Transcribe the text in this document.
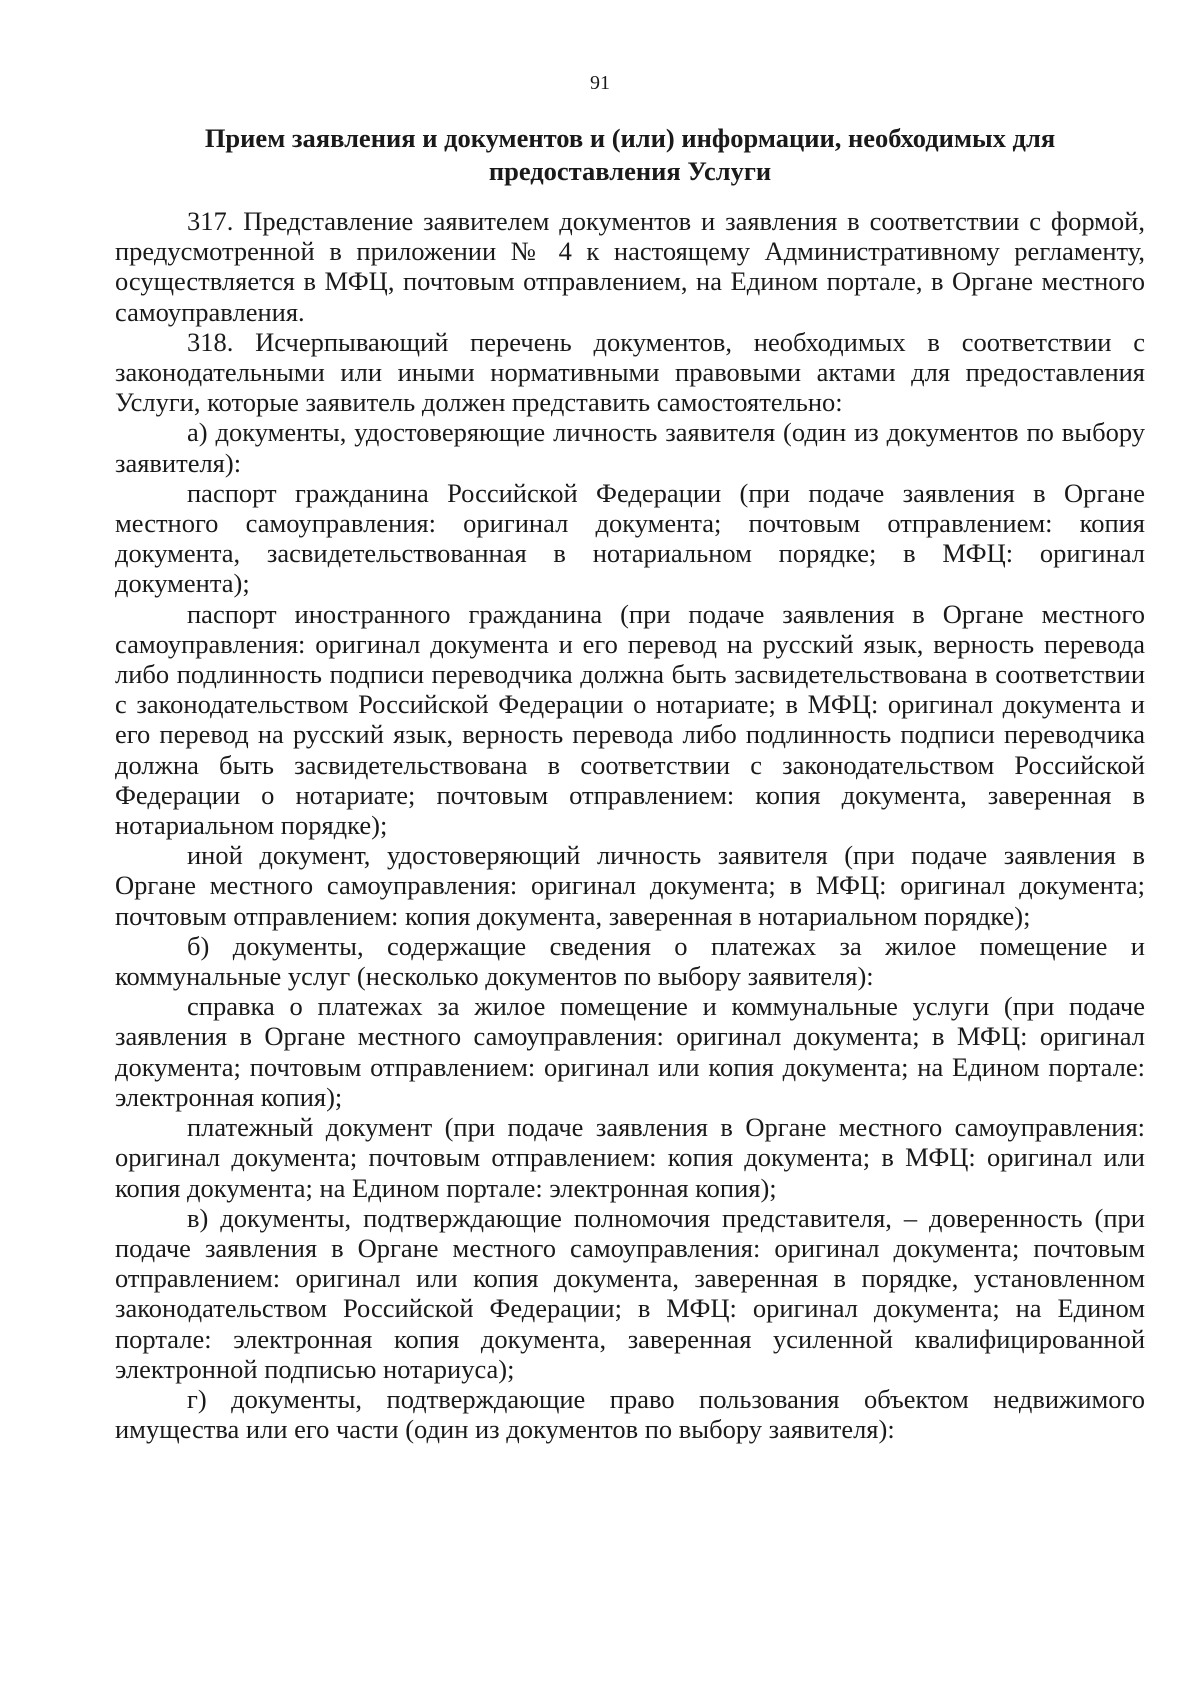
91
Прием заявления и документов и (или) информации, необходимых для
предоставления Услуги

317. Представление заявителем документов и заявления в соответствии с формой, предусмотренной в приложении № 4 к настоящему Административному регламенту, осуществляется в МФЦ, почтовым отправлением, на Едином портале, в Органе местного самоуправления.

318. Исчерпывающий перечень документов, необходимых в соответствии с законодательными или иными нормативными правовыми актами для предоставления Услуги, которые заявитель должен представить самостоятельно:

а) документы, удостоверяющие личность заявителя (один из документов по выбору заявителя):

паспорт гражданина Российской Федерации (при подаче заявления в Органе местного самоуправления: оригинал документа; почтовым отправлением: копия документа, засвидетельствованная в нотариальном порядке; в МФЦ: оригинал документа);

паспорт иностранного гражданина (при подаче заявления в Органе местного самоуправления: оригинал документа и его перевод на русский язык, верность перевода либо подлинность подписи переводчика должна быть засвидетельствована в соответствии с законодательством Российской Федерации о нотариате; в МФЦ: оригинал документа и его перевод на русский язык, верность перевода либо подлинность подписи переводчика должна быть засвидетельствована в соответствии с законодательством Российской Федерации о нотариате; почтовым отправлением: копия документа, заверенная в нотариальном порядке);

иной документ, удостоверяющий личность заявителя (при подаче заявления в Органе местного самоуправления: оригинал документа; в МФЦ: оригинал документа; почтовым отправлением: копия документа, заверенная в нотариальном порядке);

б) документы, содержащие сведения о платежах за жилое помещение и коммунальные услуг (несколько документов по выбору заявителя):

справка о платежах за жилое помещение и коммунальные услуги (при подаче заявления в Органе местного самоуправления: оригинал документа; в МФЦ: оригинал документа; почтовым отправлением: оригинал или копия документа; на Едином портале: электронная копия);

платежный документ (при подаче заявления в Органе местного самоуправления: оригинал документа; почтовым отправлением: копия документа; в МФЦ: оригинал или копия документа; на Едином портале: электронная копия);

в) документы, подтверждающие полномочия представителя, – доверенность (при подаче заявления в Органе местного самоуправления: оригинал документа; почтовым отправлением: оригинал или копия документа, заверенная в порядке, установленном законодательством Российской Федерации; в МФЦ: оригинал документа; на Едином портале: электронная копия документа, заверенная усиленной квалифицированной электронной подписью нотариуса);

г) документы, подтверждающие право пользования объектом недвижимого имущества или его части (один из документов по выбору заявителя):
